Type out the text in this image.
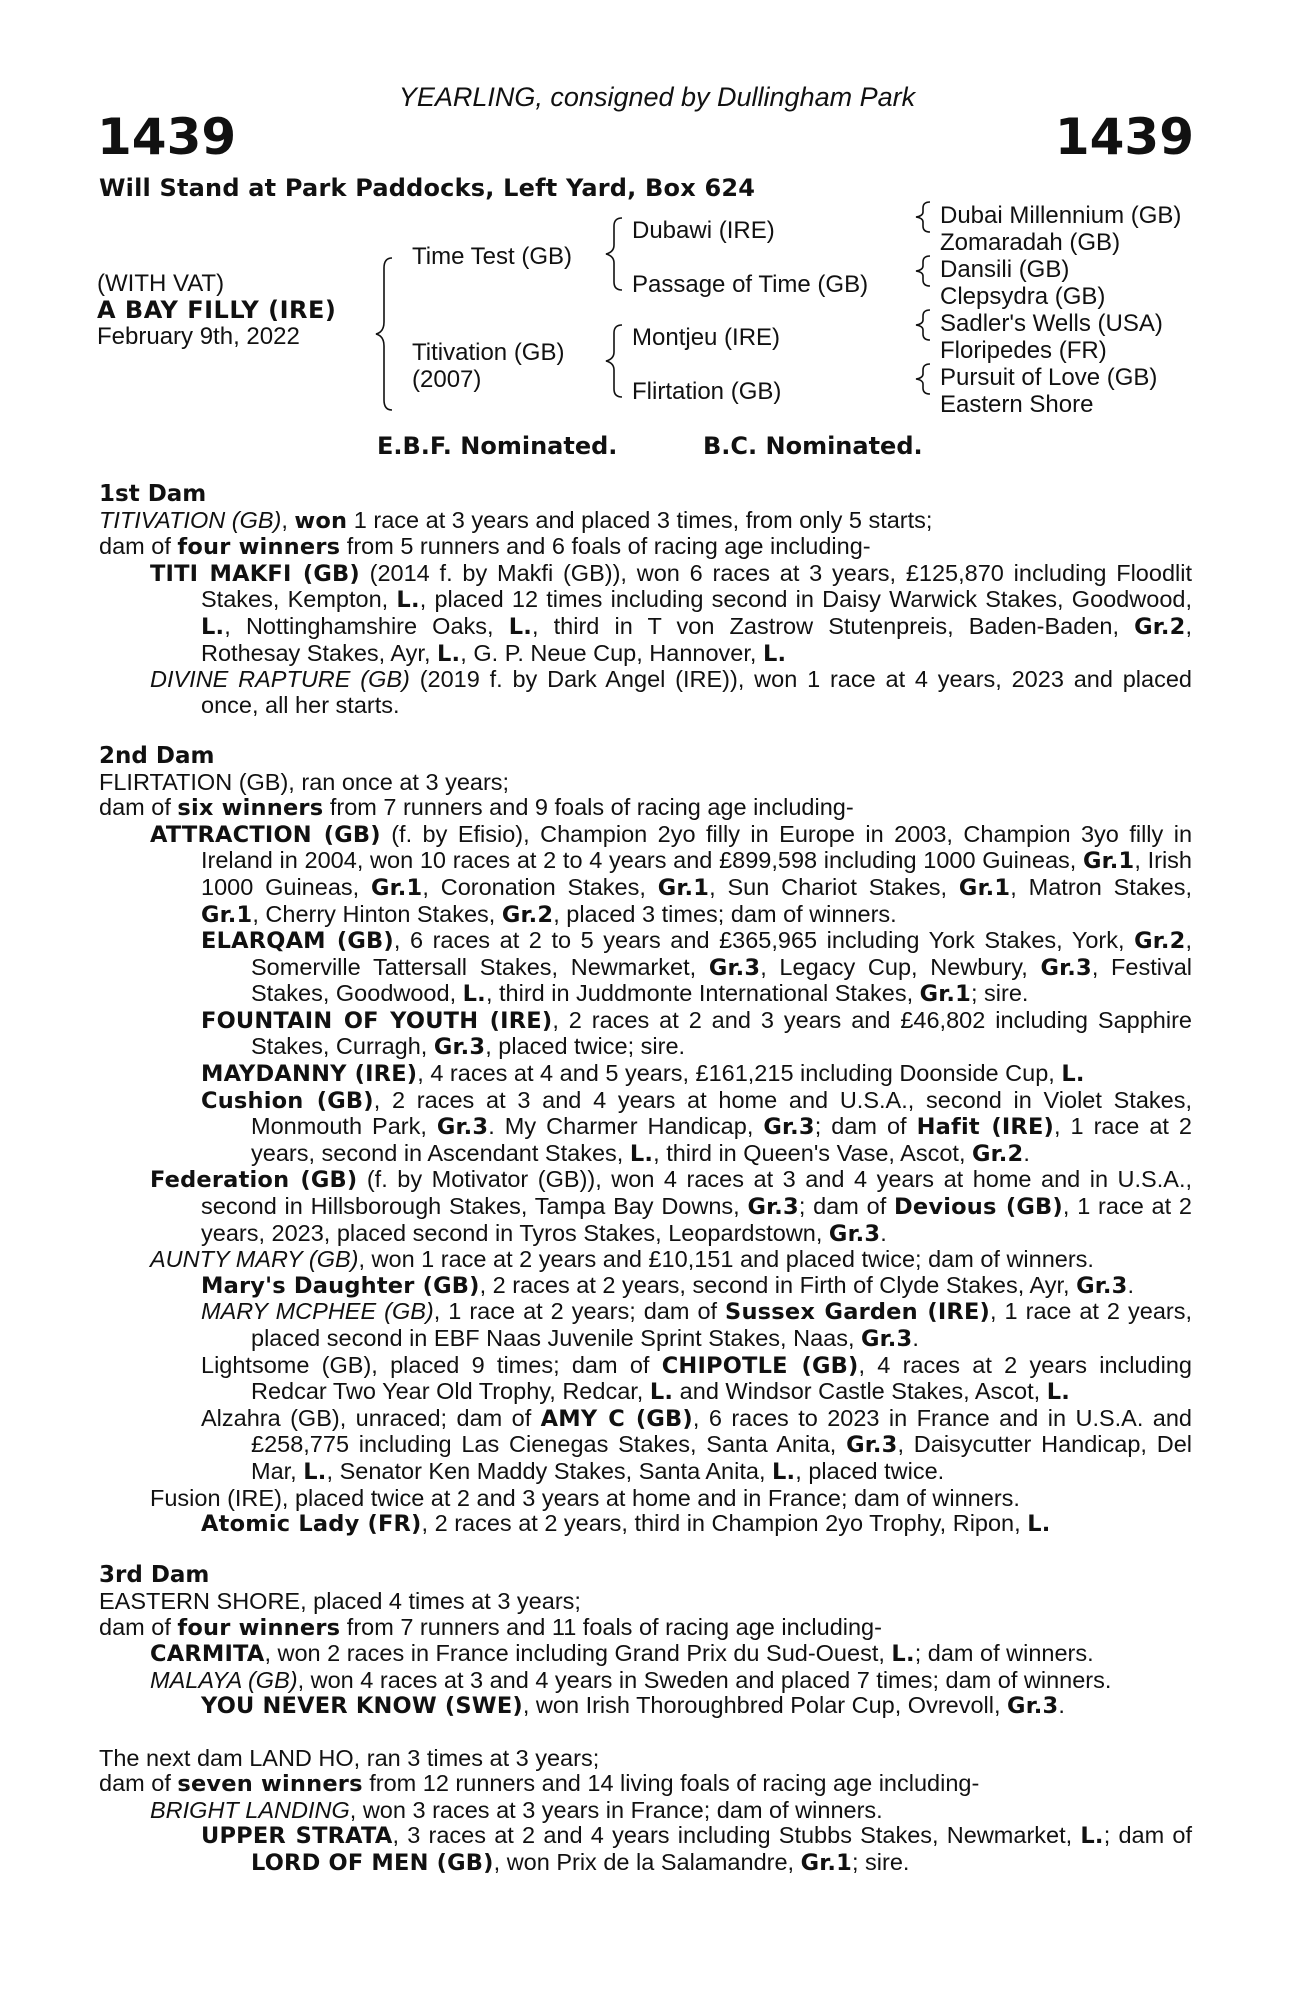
YEARLING, consigned by Dullingham Park
1439	1439
Will Stand at Park Paddocks, Left Yard, Box 624
(WITH VAT)
A BAY FILLY (IRE)
February 9th, 2022
Time Test (GB)
Titivation (GB)
(2007)
Dubawi (IRE)
Passage of Time (GB)
Montjeu (IRE)
Flirtation (GB)
Dubai Millennium (GB)
Zomaradah (GB)
Dansili (GB)
Clepsydra (GB)
Sadler's Wells (USA)
Floripedes (FR)
Pursuit of Love (GB)
Eastern Shore
E.B.F. Nominated.	B.C. Nominated.
1st Dam
TITIVATION (GB), won 1 race at 3 years and placed 3 times, from only 5 starts;
dam of four winners from 5 runners and 6 foals of racing age including-
TITI MAKFI (GB) (2014 f. by Makfi (GB)), won 6 races at 3 years, £125,870 including Floodlit Stakes, Kempton, L., placed 12 times including second in Daisy Warwick Stakes, Goodwood, L., Nottinghamshire Oaks, L., third in T von Zastrow Stutenpreis, Baden-Baden, Gr.2, Rothesay Stakes, Ayr, L., G. P. Neue Cup, Hannover, L.
DIVINE RAPTURE (GB) (2019 f. by Dark Angel (IRE)), won 1 race at 4 years, 2023 and placed once, all her starts.
2nd Dam
FLIRTATION (GB), ran once at 3 years;
dam of six winners from 7 runners and 9 foals of racing age including-
ATTRACTION (GB) (f. by Efisio), Champion 2yo filly in Europe in 2003, Champion 3yo filly in Ireland in 2004, won 10 races at 2 to 4 years and £899,598 including 1000 Guineas, Gr.1, Irish 1000 Guineas, Gr.1, Coronation Stakes, Gr.1, Sun Chariot Stakes, Gr.1, Matron Stakes, Gr.1, Cherry Hinton Stakes, Gr.2, placed 3 times; dam of winners.
ELARQAM (GB), 6 races at 2 to 5 years and £365,965 including York Stakes, York, Gr.2, Somerville Tattersall Stakes, Newmarket, Gr.3, Legacy Cup, Newbury, Gr.3, Festival Stakes, Goodwood, L., third in Juddmonte International Stakes, Gr.1; sire.
FOUNTAIN OF YOUTH (IRE), 2 races at 2 and 3 years and £46,802 including Sapphire Stakes, Curragh, Gr.3, placed twice; sire.
MAYDANNY (IRE), 4 races at 4 and 5 years, £161,215 including Doonside Cup, L.
Cushion (GB), 2 races at 3 and 4 years at home and U.S.A., second in Violet Stakes, Monmouth Park, Gr.3. My Charmer Handicap, Gr.3; dam of Hafit (IRE), 1 race at 2 years, second in Ascendant Stakes, L., third in Queen's Vase, Ascot, Gr.2.
Federation (GB) (f. by Motivator (GB)), won 4 races at 3 and 4 years at home and in U.S.A., second in Hillsborough Stakes, Tampa Bay Downs, Gr.3; dam of Devious (GB), 1 race at 2 years, 2023, placed second in Tyros Stakes, Leopardstown, Gr.3.
AUNTY MARY (GB), won 1 race at 2 years and £10,151 and placed twice; dam of winners.
Mary's Daughter (GB), 2 races at 2 years, second in Firth of Clyde Stakes, Ayr, Gr.3.
MARY MCPHEE (GB), 1 race at 2 years; dam of Sussex Garden (IRE), 1 race at 2 years, placed second in EBF Naas Juvenile Sprint Stakes, Naas, Gr.3.
Lightsome (GB), placed 9 times; dam of CHIPOTLE (GB), 4 races at 2 years including Redcar Two Year Old Trophy, Redcar, L. and Windsor Castle Stakes, Ascot, L.
Alzahra (GB), unraced; dam of AMY C (GB), 6 races to 2023 in France and in U.S.A. and £258,775 including Las Cienegas Stakes, Santa Anita, Gr.3, Daisycutter Handicap, Del Mar, L., Senator Ken Maddy Stakes, Santa Anita, L., placed twice.
Fusion (IRE), placed twice at 2 and 3 years at home and in France; dam of winners.
Atomic Lady (FR), 2 races at 2 years, third in Champion 2yo Trophy, Ripon, L.
3rd Dam
EASTERN SHORE, placed 4 times at 3 years;
dam of four winners from 7 runners and 11 foals of racing age including-
CARMITA, won 2 races in France including Grand Prix du Sud-Ouest, L.; dam of winners.
MALAYA (GB), won 4 races at 3 and 4 years in Sweden and placed 7 times; dam of winners.
YOU NEVER KNOW (SWE), won Irish Thoroughbred Polar Cup, Ovrevoll, Gr.3.
The next dam LAND HO, ran 3 times at 3 years;
dam of seven winners from 12 runners and 14 living foals of racing age including-
BRIGHT LANDING, won 3 races at 3 years in France; dam of winners.
UPPER STRATA, 3 races at 2 and 4 years including Stubbs Stakes, Newmarket, L.; dam of LORD OF MEN (GB), won Prix de la Salamandre, Gr.1; sire.
